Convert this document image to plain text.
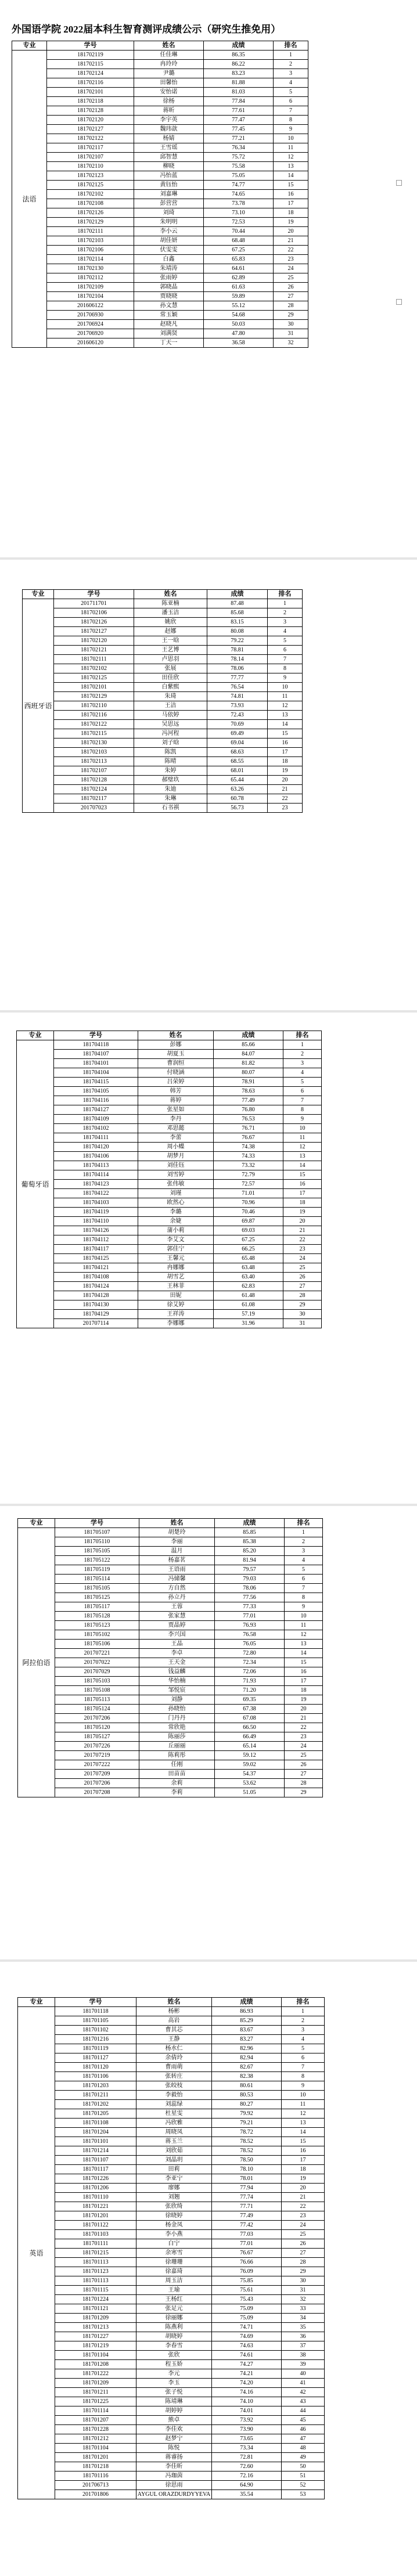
外国语学院 2022届本科生智育测评成绩公示（研究生推免用）
专业	学号	姓名	成绩	排名
法语	181702119	任佳琳	86.35	1
	181702115	冉玲玲	86.22	2
	181702124	尹璐	83.23	3
	181702116	田馨怡	81.88	4
	181702101	安怡诺	81.03	5
	181702118	徐杨	77.84	6
	181702128	蒋昕	77.61	7
	181702120	李宇英	77.47	8
	181702127	魏玮歆	77.45	9
	181702122	杨婧	77.21	10
	181702117	王雪瑶	76.34	11
	181702107	邱智慧	75.72	12
	181702110	柳晓	75.58	13
	181702123	冯怡蓝	75.05	14
	181702125	黄钰怡	74.77	15
	181702102	刘嘉琳	74.65	16
	181702108	彭营营	73.78	17
	181702126	刘琦	73.10	18
	181702129	朱明明	72.53	19
	181702111	李小云	70.44	20
	181702103	胡佳妍	68.48	21
	181702106	伏雯雯	67.25	22
	181702114	白鑫	65.83	23
	181702130	朱靖涛	64.61	24
	181702112	张雨婷	62.89	25
	181702109	郭晓晶	61.63	26
	181702104	贾晓晓	59.89	27
	201606122	孙文慧	55.12	28
	201706930	常玉颖	54.68	29
	201706924	赵晓凡	50.03	30
	201706920	刘满贤	47.80	31
	201606120	丁天一	36.58	32
专业	学号	姓名	成绩	排名
西班牙语	201711701	陈亚楠	87.48	1
	181702106	潘玉洁	85.68	2
	181702126	姚欣	83.15	3
	181702127	赵娜	80.08	4
	181702120	王一晗	79.22	5
	181702121	王艺博	78.81	6
	181702111	卢思羽	78.14	7
	181702102	张展	78.06	8
	181702125	田佳欣	77.77	9
	181702101	白紫熙	76.54	10
	181702129	朱琦	74.81	11
	181702110	王洁	73.93	12
	181702116	马依婷	72.43	13
	181702122	吴思远	70.69	14
	181702115	冯河程	69.49	15
	181702130	刘子晗	69.04	16
	181702103	陈凯	68.63	17
	181702113	陈晴	68.55	18
	181702107	朱婷	68.01	19
	181702128	郝璧玖	65.44	20
	181702124	朱迪	63.26	21
	181702117	朱琳	60.78	22
	201707023	石书祺	56.73	23
专业	学号	姓名	成绩	排名
葡萄牙语	181704118	彭娜	85.66	1
	181704107	胡夏玉	84.07	2
	181704101	曹润恒	81.82	3
	181704104	付晓涵	80.07	4
	181704115	吕荣婷	78.91	5
	181704105	韩芳	78.63	6
	181704116	蒋婷	77.49	7
	181704127	张星如	76.80	8
	181704109	李丹	76.53	9
	181704102	邓思懿	76.71	10
	181704111	李蕾	76.67	11
	181704120	周小蝶	74.38	12
	181704106	胡梦月	74.33	13
	181704113	刘佳钰	73.32	14
	181704114	刘雪婷	72.79	15
	181704123	张伟敏	72.57	16
	181704122	刘瑾	71.01	17
	181704103	欧然心	70.96	18
	181704119	李璐	70.46	19
	181704110	余婕	69.87	20
	181704126	蒲小莉	69.03	21
	181704112	李艾文	67.25	22
	181704117	郭佳宁	66.25	23
	181704125	王馨元	65.48	24
	181704121	冉娜娜	63.48	25
	181704108	胡雪艺	63.40	26
	181704124	王林菲	62.83	27
	181704128	田妮	61.48	28
	181704130	徐艾婷	61.08	29
	181704129	王祥涛	57.19	30
	201707114	李娜娜	31.96	31
专业	学号	姓名	成绩	排名
阿拉伯语	181705107	胡楚玲	85.85	1
	181705110	李丽	85.38	2
	181705105	温月	85.20	3
	181705122	杨嘉茗	81.94	4
	181705119	王语雨	79.57	5
	181705114	冯储馨	79.03	6
	181705105	方自然	78.06	7
	181705125	孙立丹	77.56	8
	181705117	王蓉	77.33	9
	181705128	张家慧	77.01	10
	181705123	贾晶婷	76.93	11
	181705102	李兴国	76.58	12
	181705106	王晶	76.05	13
	201707221	李卓	72.80	14
	201707022	王天金	72.34	15
	201707029	钱益麟	72.06	16
	181705103	华怡楠	71.93	17
	181705108	邹悦宸	71.20	18
	181705113	刘静	69.35	19
	181705124	孙晓怡	67.38	20
	201707206	门丹丹	67.08	21
	181705120	常欣艳	66.50	22
	181705127	陈丽莎	66.49	23
	201707226	丘丽丽	65.14	24
	201707219	陈莉彤	59.12	25
	201707222	任刚	59.02	26
	201707209	田苗苗	54.37	27
	201707206	余莉	53.62	28
	201707208	李莉	51.05	29
专业	学号	姓名	成绩	排名
英语	181701118	杨彬	86.93	1
	181701105	高岩	85.29	2
	181701102	曹其芯	83.67	3
	181701216	王静	83.27	4
	181701119	杨水仁	82.96	5
	181701127	余倩玲	82.94	6
	181701120	曹雨萌	82.67	7
	181701106	张转庄	82.38	8
	181701203	张皎枝	80.61	9
	181701211	李毅怡	80.53	10
	181701202	刘蕊绿	80.27	11
	181701205	杜星雯	79.92	12
	181701108	冯欣雅	79.21	13
	181701204	周晓凤	78.72	14
	181701101	蒋玉兰	78.52	15
	181701214	刘欣茹	78.52	16
	181701107	刘晶玥	78.50	17
	181701117	田莉	78.10	18
	181701226	李亚宁	78.01	19
	181701206	廖娜	77.94	20
	181701110	刘翘	77.74	21
	181701221	张欣绮	77.71	22
	181701201	徐晓婷	77.49	23
	181701122	杨金凤	77.42	24
	181701103	李小燕	77.03	25
	181701111	白宁	77.01	26
	181701215	余寒雪	76.67	27
	181701113	徐珊珊	76.66	28
	181701123	徐嘉琦	76.09	29
	181701113	周玉洁	75.85	30
	181701115	王瑜	75.61	31
	181701224	王杨红	75.43	32
	181701121	张足元	75.09	33
	181701209	徐丽娜	75.09	34
	181701213	陈燕利	74.71	35
	181701227	胡晓婷	74.69	36
	181701219	李春雪	74.63	37
	181701104	张欣	74.61	38
	181701208	程玉娇	74.27	39
	181701222	李元	74.21	40
	181701209	李玉	74.20	41
	181701211	张子悦	74.16	42
	181701225	陈靖琳	74.10	43
	181701114	胡婷婷	74.01	44
	181701207	熊卓	73.92	45
	181701228	李佳欢	73.90	46
	181701212	赵梦宁	73.65	47
	181701104	陈悦	73.34	48
	181701201	蒋睿扬	72.81	49
	181701218	李佳昕	72.60	50
	181701116	冯珈茵	72.16	51
	201706713	徐思雨	64.90	52
	201701806	AYGUL ORAZDURDYYEVA	35.54	53
